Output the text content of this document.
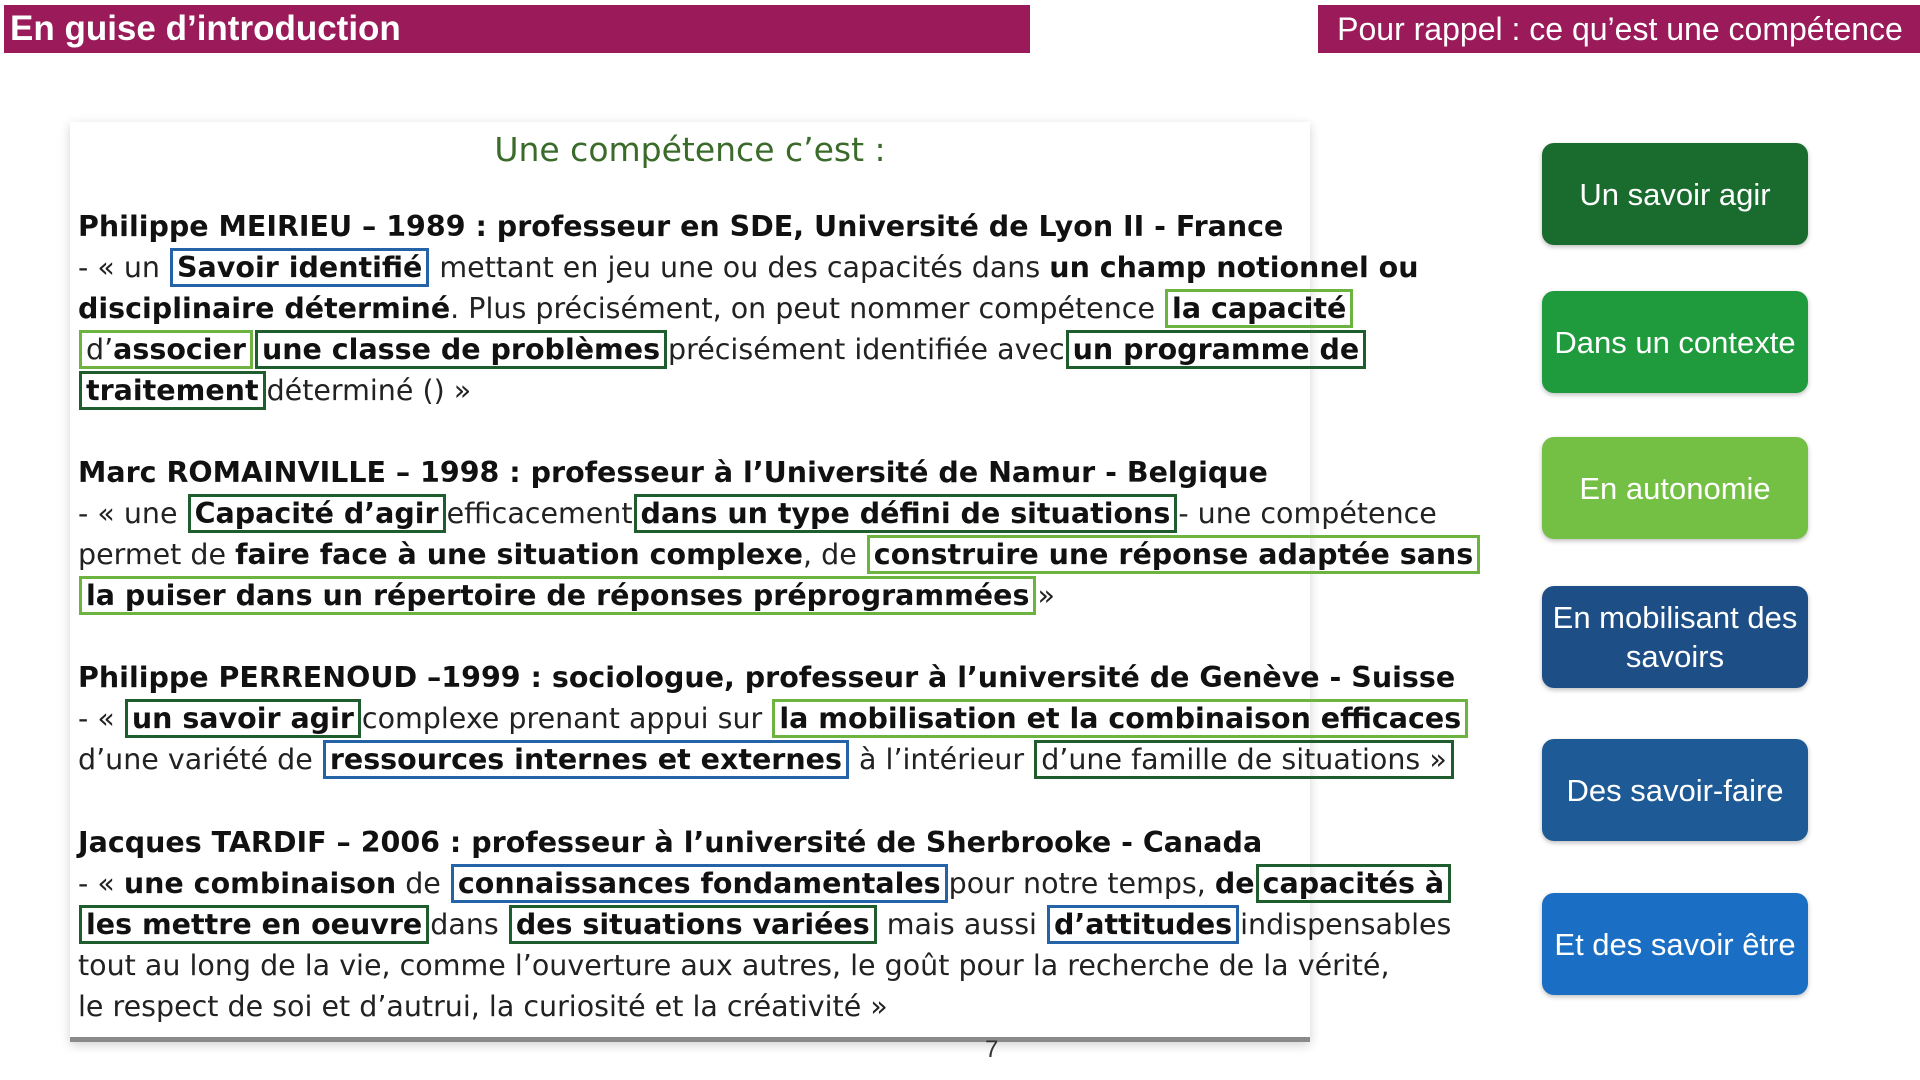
En guise d’introduction	Pour rappel : ce qu’est une compétence
Une compétence c’est :
Philippe MEIRIEU – 1989 : professeur en SDE, Université de Lyon II - France
- « un Savoir identifié mettant en jeu une ou des capacités dans un champ notionnel ou
disciplinaire déterminé. Plus précisément, on peut nommer compétence la capacité
d’associer une classe de problèmes précisément identifiée avec un programme de
traitement déterminé () »
Marc ROMAINVILLE – 1998 : professeur à l’Université de Namur - Belgique
- « une Capacité d’agir efficacement dans un type défini de situations - une compétence
permet de faire face à une situation complexe, de construire une réponse adaptée sans
la puiser dans un répertoire de réponses préprogrammées »
Philippe PERRENOUD –1999 : sociologue, professeur à l’université de Genève - Suisse
- « un savoir agir complexe prenant appui sur la mobilisation et la combinaison efficaces
d’une variété de ressources internes et externes à l’intérieur d’une famille de situations »
Jacques TARDIF – 2006 : professeur à l’université de Sherbrooke - Canada
- « une combinaison de connaissances fondamentales pour notre temps, de capacités à
les mettre en oeuvre dans des situations variées mais aussi d’attitudes indispensables
tout au long de la vie, comme l’ouverture aux autres, le goût pour la recherche de la vérité,
le respect de soi et d’autrui, la curiosité et la créativité »
7
Un savoir agir
Dans un contexte
En autonomie
En mobilisant des savoirs
Des savoir-faire
Et des savoir être
